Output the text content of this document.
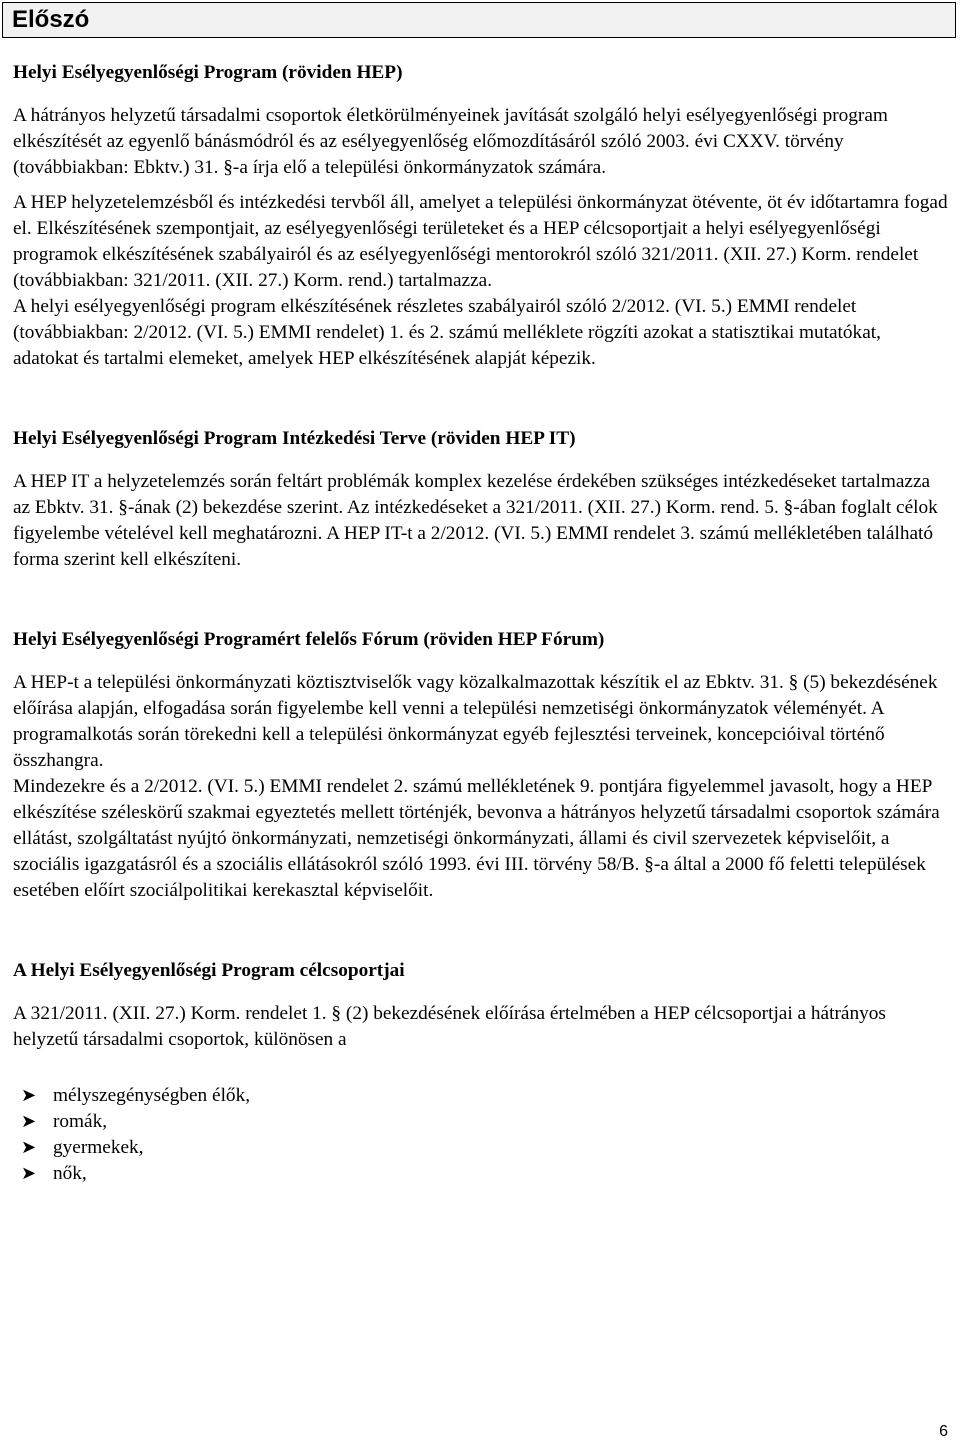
Előszó

Helyi Esélyegyenlőségi Program (röviden HEP)

A hátrányos helyzetű társadalmi csoportok életkörülményeinek javítását szolgáló helyi esélyegyenlőségi program elkészítését az egyenlő bánásmódról és az esélyegyenlőség előmozdításáról szóló 2003. évi CXXV. törvény (továbbiakban: Ebktv.) 31. §-a írja elő a települési önkormányzatok számára.

A HEP helyzetelemzésből és intézkedési tervből áll, amelyet a települési önkormányzat ötévente, öt év időtartamra fogad el. Elkészítésének szempontjait, az esélyegyenlőségi területeket és a HEP célcsoportjait a helyi esélyegyenlőségi programok elkészítésének szabályairól és az esélyegyenlőségi mentorokról szóló 321/2011. (XII. 27.) Korm. rendelet (továbbiakban: 321/2011. (XII. 27.) Korm. rend.) tartalmazza.

A helyi esélyegyenlőségi program elkészítésének részletes szabályairól szóló 2/2012. (VI. 5.) EMMI rendelet (továbbiakban: 2/2012. (VI. 5.) EMMI rendelet) 1. és 2. számú melléklete rögzíti azokat a statisztikai mutatókat, adatokat és tartalmi elemeket, amelyek HEP elkészítésének alapját képezik.

Helyi Esélyegyenlőségi Program Intézkedési Terve (röviden HEP IT)

A HEP IT a helyzetelemzés során feltárt problémák komplex kezelése érdekében szükséges intézkedéseket tartalmazza az Ebktv. 31. §-ának (2) bekezdése szerint. Az intézkedéseket a 321/2011. (XII. 27.) Korm. rend. 5. §-ában foglalt célok figyelembe vételével kell meghatározni. A HEP IT-t a 2/2012. (VI. 5.) EMMI rendelet 3. számú mellékletében található forma szerint kell elkészíteni.

Helyi Esélyegyenlőségi Programért felelős Fórum (röviden HEP Fórum)

A HEP-t a települési önkormányzati köztisztviselők vagy közalkalmazottak készítik el az Ebktv. 31. § (5) bekezdésének előírása alapján, elfogadása során figyelembe kell venni a települési nemzetiségi önkormányzatok véleményét. A programalkotás során törekedni kell a települési önkormányzat egyéb fejlesztési terveinek, koncepcióival történő összhangra.

Mindezekre és a 2/2012. (VI. 5.) EMMI rendelet 2. számú mellékletének 9. pontjára figyelemmel javasolt, hogy a HEP elkészítése széleskörű szakmai egyeztetés mellett történjék, bevonva a hátrányos helyzetű társadalmi csoportok számára ellátást, szolgáltatást nyújtó önkormányzati, nemzetiségi önkormányzati, állami és civil szervezetek képviselőit, a szociális igazgatásról és a szociális ellátásokról szóló 1993. évi III. törvény 58/B. §-a által a 2000 fő feletti települések esetében előírt szociálpolitikai kerekasztal képviselőit.

A Helyi Esélyegyenlőségi Program célcsoportjai

A 321/2011. (XII. 27.) Korm. rendelet 1. § (2) bekezdésének előírása értelmében a HEP célcsoportjai a hátrányos helyzetű társadalmi csoportok, különösen a

➤ mélyszegénységben élők,
➤ romák,
➤ gyermekek,
➤ nők,
6
